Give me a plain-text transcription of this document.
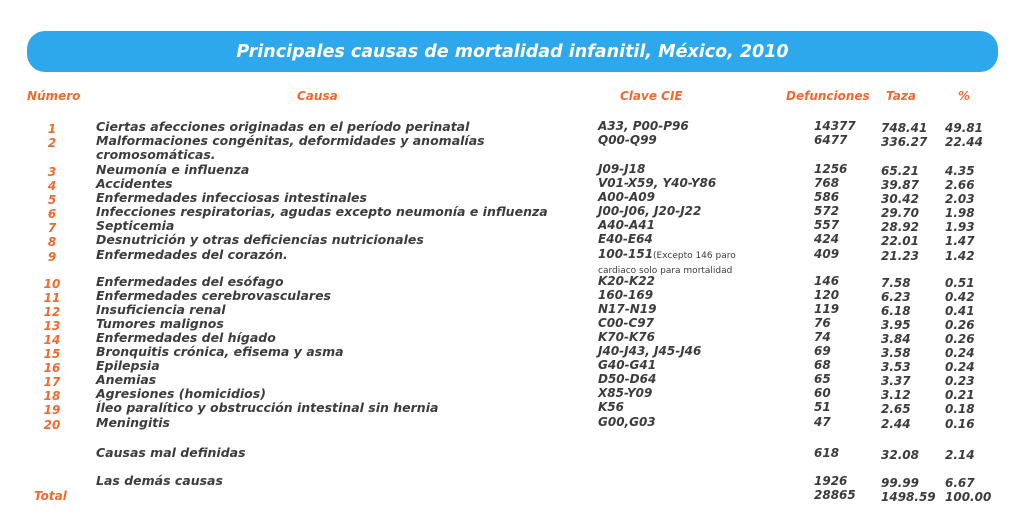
Principales causas de mortalidad infanitil, México, 2010
Número	Causa	Clave CIE	Defunciones Taza	%
1	Ciertas afecciones originadas en el período perinatal	A33, P00-P96	14377 748.41 49.81
2	Malformaciones congénitas, deformidades y anomalías
cromosomáticas.
Q00-Q99	6477	336.27 22.44
3	Neumonía e influenza	J09-J18	1256	65.21 4.35
4	Accidentes	V01-X59, Y40-Y86	768	39.87 2.66
5	Enfermedades infecciosas intestinales	A00-A09	586	30.42 2.03
6	Infecciones respiratorias, agudas excepto neumonía e influenza	J00-J06, J20-J22	572	29.70 1.98
7	Septicemia	A40-A41	557	28.92 1.93
8	Desnutrición y otras deficiencias nutricionales	E40-E64	424	22.01 1.47
9	Enfermedades del corazón.	100-151 (Excepto 146 paro
cardiaco solo para mortalidad
409	21.23 1.42
10	Enfermedades del esófago	K20-K22	146	7.58	0.51
11	Enfermedades cerebrovasculares	160-169	120	6.23	0.42
12	Insuficiencia renal	N17-N19	119	6.18	0.41
13	Tumores malignos	C00-C97	76	3.95	0.26
14	Enfermedades del hígado	K70-K76	74	3.84	0.26
15	Bronquitis crónica, efisema y asma	J40-J43, J45-J46	69	3.58	0.24
16	Epilepsia	G40-G41	68	3.53	0.24
17	Anemias	D50-D64	65	3.37	0.23
18	Agresiones (homicidios)	X85-Y09	60	3.12	0.21
19	Íleo paralítico y obstrucción intestinal sin hernia	K56	51	2.65	0.18
20	Meningitis	G00,G03	47	2.44	0.16
Causas mal definidas	618	32.08 2.14
Las demás causas	1926	99.99 6.67
Total	28865 1498.59 100.00
